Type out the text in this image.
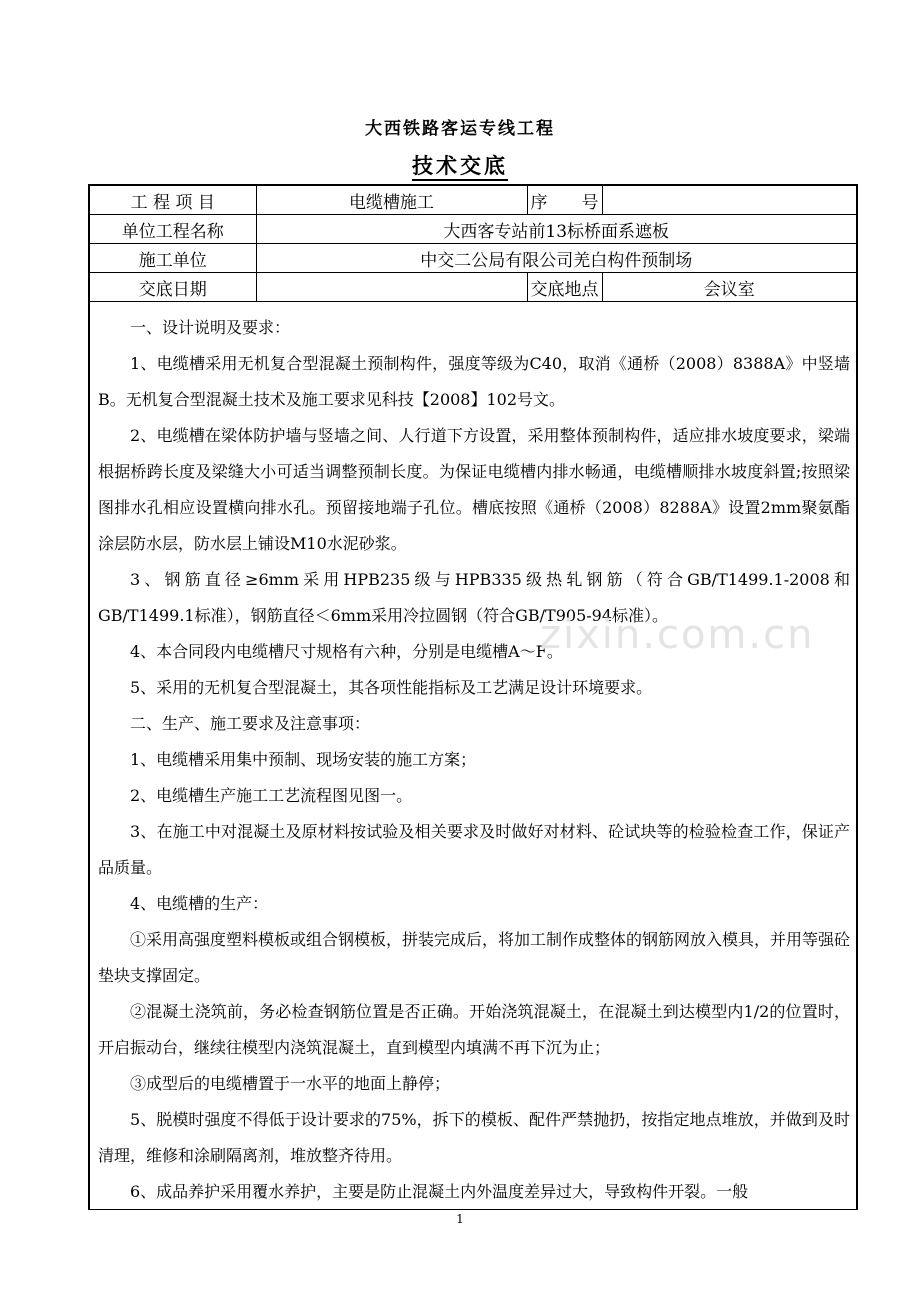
大西铁路客运专线工程
技术交底
工 程 项 目	电缆槽施工	序　　号	
单位工程名称	大西客专站前13标桥面系遮板		
施工单位	中交二公局有限公司羌白构件预制场		
交底日期		交底地点	会议室

一、设计说明及要求：

1、电缆槽采用无机复合型混凝土预制构件，强度等级为C40，取消《通桥（2008）8388A》中竖墙B。无机复合型混凝土技术及施工要求见科技【2008】102号文。

2、电缆槽在梁体防护墙与竖墙之间、人行道下方设置，采用整体预制构件，适应排水坡度要求，梁端根据桥跨长度及梁缝大小可适当调整预制长度。为保证电缆槽内排水畅通，电缆槽顺排水坡度斜置;按照梁图排水孔相应设置横向排水孔。预留接地端子孔位。槽底按照《通桥（2008）8288A》设置2mm聚氨酯涂层防水层，防水层上铺设M10水泥砂浆。

3、钢筋直径≥6mm采用HPB235级与HPB335级热轧钢筋（符合GB/T1499.1-2008和GB/T1499.1标准），钢筋直径＜6mm采用冷拉圆钢（符合GB/T905-94标准）。

4、本合同段内电缆槽尺寸规格有六种，分别是电缆槽A～F。

5、采用的无机复合型混凝土，其各项性能指标及工艺满足设计环境要求。

二、生产、施工要求及注意事项：

1、电缆槽采用集中预制、现场安装的施工方案；

2、电缆槽生产施工工艺流程图见图一。

3、在施工中对混凝土及原材料按试验及相关要求及时做好对材料、砼试块等的检验检查工作，保证产品质量。

4、电缆槽的生产：

①采用高强度塑料模板或组合钢模板，拼装完成后，将加工制作成整体的钢筋网放入模具，并用等强砼垫块支撑固定。

②混凝土浇筑前，务必检查钢筋位置是否正确。开始浇筑混凝土，在混凝土到达模型内1/2的位置时，开启振动台，继续往模型内浇筑混凝土，直到模型内填满不再下沉为止；

③成型后的电缆槽置于一水平的地面上静停；

5、脱模时强度不得低于设计要求的75%，拆下的模板、配件严禁抛扔，按指定地点堆放，并做到及时清理，维修和涂刷隔离剂，堆放整齐待用。

6、成品养护采用覆水养护，主要是防止混凝土内外温度差异过大，导致构件开裂。一般

zixin.com.cn
1
